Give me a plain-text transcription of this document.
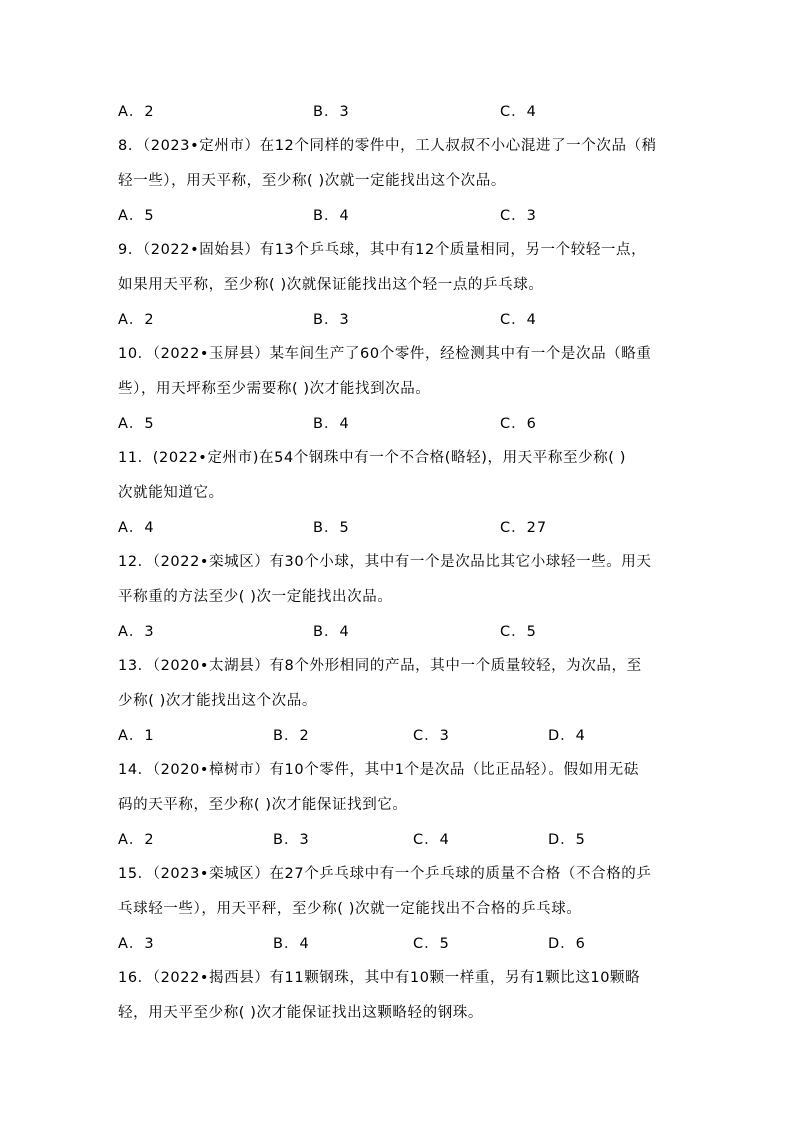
A．2	B．3	C．4
8．（2023•定州市）在12个同样的零件中，工人叔叔不小心混进了一个次品（稍
轻一些），用天平称，至少称( )次就一定能找出这个次品。
A．5	B．4	C．3
9．（2022•固始县）有13个乒乓球，其中有12个质量相同，另一个较轻一点，
如果用天平称，至少称( )次就保证能找出这个轻一点的乒乓球。
A．2	B．3	C．4
10．（2022•玉屏县）某车间生产了60个零件，经检测其中有一个是次品（略重
些），用天坪称至少需要称( )次才能找到次品。
A．5	B．4	C．6
11．(2022•定州市)在54个钢珠中有一个不合格(略轻)，用天平称至少称( )
次就能知道它。
A．4	B．5	C．27
12．（2022•栾城区）有30个小球，其中有一个是次品比其它小球轻一些。用天
平称重的方法至少( )次一定能找出次品。
A．3	B．4	C．5
13．（2020•太湖县）有8个外形相同的产品，其中一个质量较轻，为次品，至
少称( )次才能找出这个次品。
A．1	B．2	C．3	D．4
14．（2020•樟树市）有10个零件，其中1个是次品（比正品轻）。假如用无砝
码的天平称，至少称( )次才能保证找到它。
A．2	B．3	C．4	D．5
15．（2023•栾城区）在27个乒乓球中有一个乒乓球的质量不合格（不合格的乒
乓球轻一些），用天平秤，至少称( )次就一定能找出不合格的乒乓球。
A．3	B．4	C．5	D．6
16．（2022•揭西县）有11颗钢珠，其中有10颗一样重，另有1颗比这10颗略
轻，用天平至少称( )次才能保证找出这颗略轻的钢珠。
